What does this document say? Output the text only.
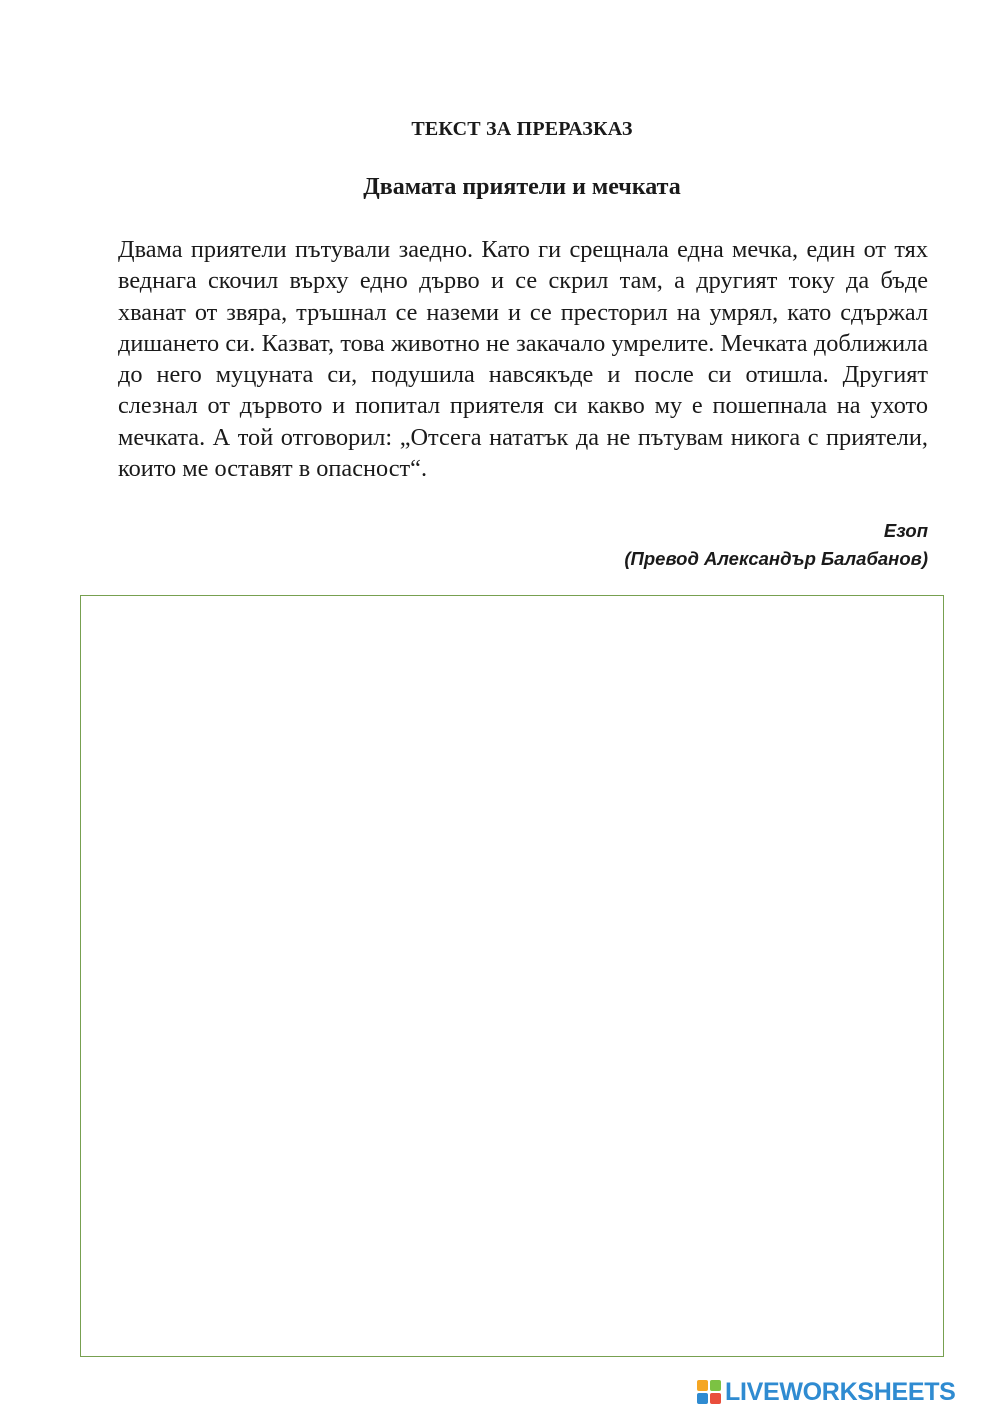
ТЕКСТ ЗА ПРЕРАЗКАЗ
Двамата приятели и мечката

Двама приятели пътували заедно. Като ги срещнала една мечка, един от тях веднага скочил върху едно дърво и се скрил там, а другият току да бъде хванат от звяра, тръшнал се наземи и се престорил на умрял, като сдържал дишането си. Казват, това животно не закачало умрелите. Мечката доближила до него муцуната си, подушила навсякъде и после си отишла. Другият слезнал от дървото и попитал приятеля си какво му е пошепнала на ухото мечката. А той отговорил: „Отсега нататък да не пътувам никога с приятели, които ме оставят в опасност“.

Езоп

(Превод Александър Балабанов)

LIVEWORKSHEETS
